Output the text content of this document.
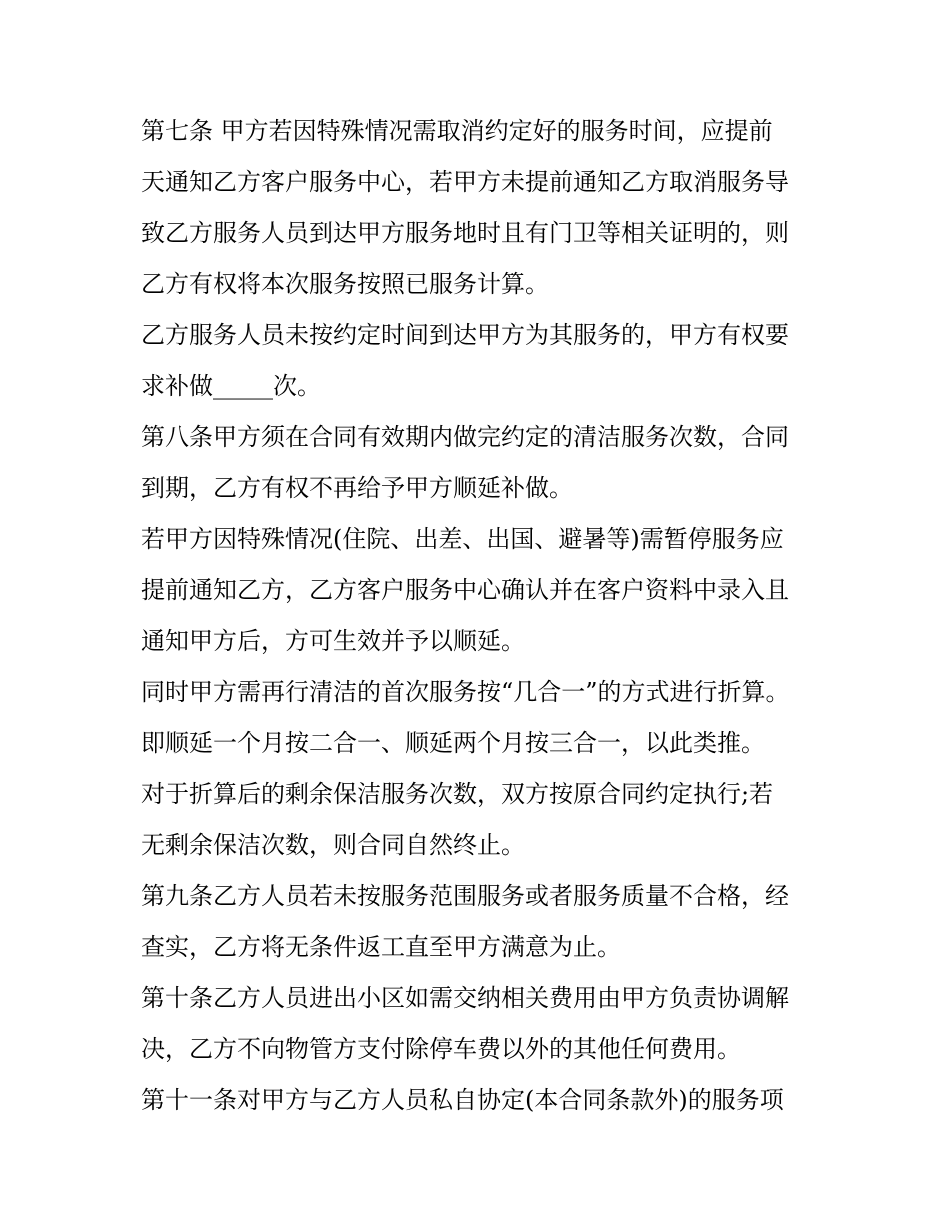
第七条 甲方若因特殊情况需取消约定好的服务时间，应提前
天通知乙方客户服务中心，若甲方未提前通知乙方取消服务导
致乙方服务人员到达甲方服务地时且有门卫等相关证明的，则
乙方有权将本次服务按照已服务计算。

乙方服务人员未按约定时间到达甲方为其服务的，甲方有权要
求补做_____次。

第八条甲方须在合同有效期内做完约定的清洁服务次数，合同
到期，乙方有权不再给予甲方顺延补做。

若甲方因特殊情况(住院、出差、出国、避暑等)需暂停服务应
提前通知乙方，乙方客户服务中心确认并在客户资料中录入且
通知甲方后，方可生效并予以顺延。

同时甲方需再行清洁的首次服务按“几合一”的方式进行折算。

即顺延一个月按二合一、顺延两个月按三合一，以此类推。

对于折算后的剩余保洁服务次数，双方按原合同约定执行;若
无剩余保洁次数，则合同自然终止。

第九条乙方人员若未按服务范围服务或者服务质量不合格，经
查实，乙方将无条件返工直至甲方满意为止。

第十条乙方人员进出小区如需交纳相关费用由甲方负责协调解
决，乙方不向物管方支付除停车费以外的其他任何费用。

第十一条对甲方与乙方人员私自协定(本合同条款外)的服务项
